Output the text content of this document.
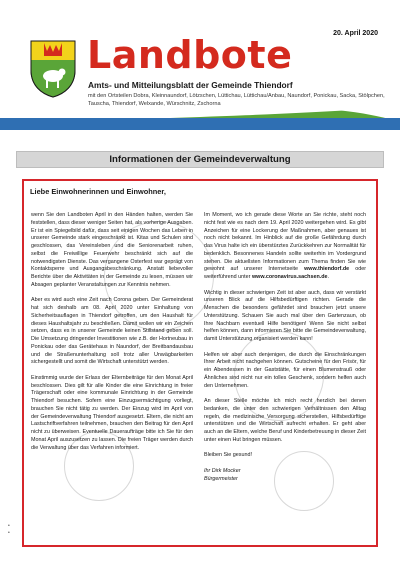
20. April 2020
Landbote
Amts- und Mitteilungsblatt der Gemeinde Thiendorf
mit den Ortsteilen Dobra, Kleinnaundorf, Lötzschen, Lüttichau, Lüttichau/Anbau, Naundorf, Ponickau, Sacka, Stölpchen, Tauscha, Thiendorf, Welxande, Würschnitz, Zschorna
Informationen der Gemeindeverwaltung
Liebe Einwohnerinnen und Einwohner,

wenn Sie den Landboten April in den Händen halten, werden Sie feststellen, dass dieser weniger Seiten hat, als vorherige Ausgaben. Er ist ein Spiegelbild dafür, dass seit einigen Wochen das Leben in unserer Gemeinde stark eingeschränkt ist. Kitas und Schulen sind geschlossen, das Vereinsleben und die Seniorenarbeit ruhen, selbst die Freiwillige Feuerwehr beschränkt sich auf die notwendigsten Dienste. Das vergangene Osterfest war geprägt von Kontaktsperre und Ausgangsbeschränkung. Anstatt liebevoller Berichte über die Aktivitäten in der Gemeinde zu lesen, müssen wir Absagen geplanter Veranstaltungen zur Kenntnis nehmen.

Aber es wird auch eine Zeit nach Corona geben. Der Gemeinderat hat sich deshalb am 08. April 2020 unter Einhaltung von Sicherheitsauflagen in Thiendorf getroffen, um den Haushalt für dieses Haushaltsjahr zu beschließen. Damit wollen wir ein Zeichen setzen, dass es in unserer Gemeinde keinen Stillstand geben soll. Die Umsetzung dringender Investitionen wie z.B. der Hortneubau in Ponickau oder das Gerätehaus in Naundorf, der Breitbandausbau und die Straßenunterhaltung soll trotz aller Unwägbarkeiten sichergestellt und somit die Wirtschaft unterstützt werden.

Einstimmig wurde der Erlass der Elternbeiträge für den Monat April beschlossen. Dies gilt für alle Kinder die eine Einrichtung in freier Trägerschaft oder eine kommunale Einrichtung in der Gemeinde Thiendorf besuchen. Sofern eine Einzugsermächtigung vorliegt, brauchen Sie nicht tätig zu werden. Der Einzug wird im April von der Gemeindeverwaltung Thiendorf ausgesetzt. Eltern, die nicht am Lastschriftverfahren teilnehmen, brauchen den Beitrag für den April nicht zu überweisen. Eventuelle Daueraufträge bitte ich Sie für den Monat April auszusetzen zu lassen. Die freien Träger werden durch die Verwaltung über das Verfahren informiert.

Im Moment, wo ich gerade diese Worte an Sie richte, steht noch nicht fest wie es nach dem 19. April 2020 weitergehen wird. Es gibt Anzeichen für eine Lockerung der Maßnahmen, aber genaues ist noch nicht bekannt. Im Hinblick auf die große Gefährdung durch das Virus halte ich ein überstürztes Zurückkehren zur Normalität für bedenklich. Besonnenes Handeln sollte weiterhin im Vordergrund stehen. Die aktuellsten Informationen zum Thema finden Sie wie gewohnt auf unserer Internetseite www.thiendorf.de oder weiterführend unter www.coronavirus.sachsen.de.

Wichtig in dieser schwierigen Zeit ist aber auch, dass wir verstärkt unseren Blick auf die Hilfsbedürftigen richten. Gerade die Menschen die besonders gefährdet sind brauchen jetzt unsere Unterstützung. Schauen Sie auch mal über den Gartenzaun, ob Ihre Nachbarn eventuell Hilfe benötigen! Wenn Sie nicht selbst helfen können, dann informieren Sie bitte die Gemeindeverwaltung, damit Unterstützung organisiert werden kann!

Helfen wir aber auch denjenigen, die durch die Einschränkungen Ihrer Arbeit nicht nachgehen können. Gutscheine für den Frisör, für ein Abendessen in der Gaststätte, für einen Blumenstrauß oder Ähnliches sind nicht nur ein tolles Geschenk, sondern helfen auch den Unternehmen.

An dieser Stelle möchte ich mich recht herzlich bei denen bedanken, die unter den schwierigen Verhältnissen den Alltag regeln, die medizinische Versorgung sicherstellen, Hilfsbedürftige unterstützen und die Wirtschaft aufrecht erhalten. Er geht aber auch an die Eltern, welche Beruf und Kinderbetreuung in dieser Zeit unter einen Hut bringen müssen.

Bleiben Sie gesund!

Ihr Dirk Mocker

Bürgermeister

•
•
